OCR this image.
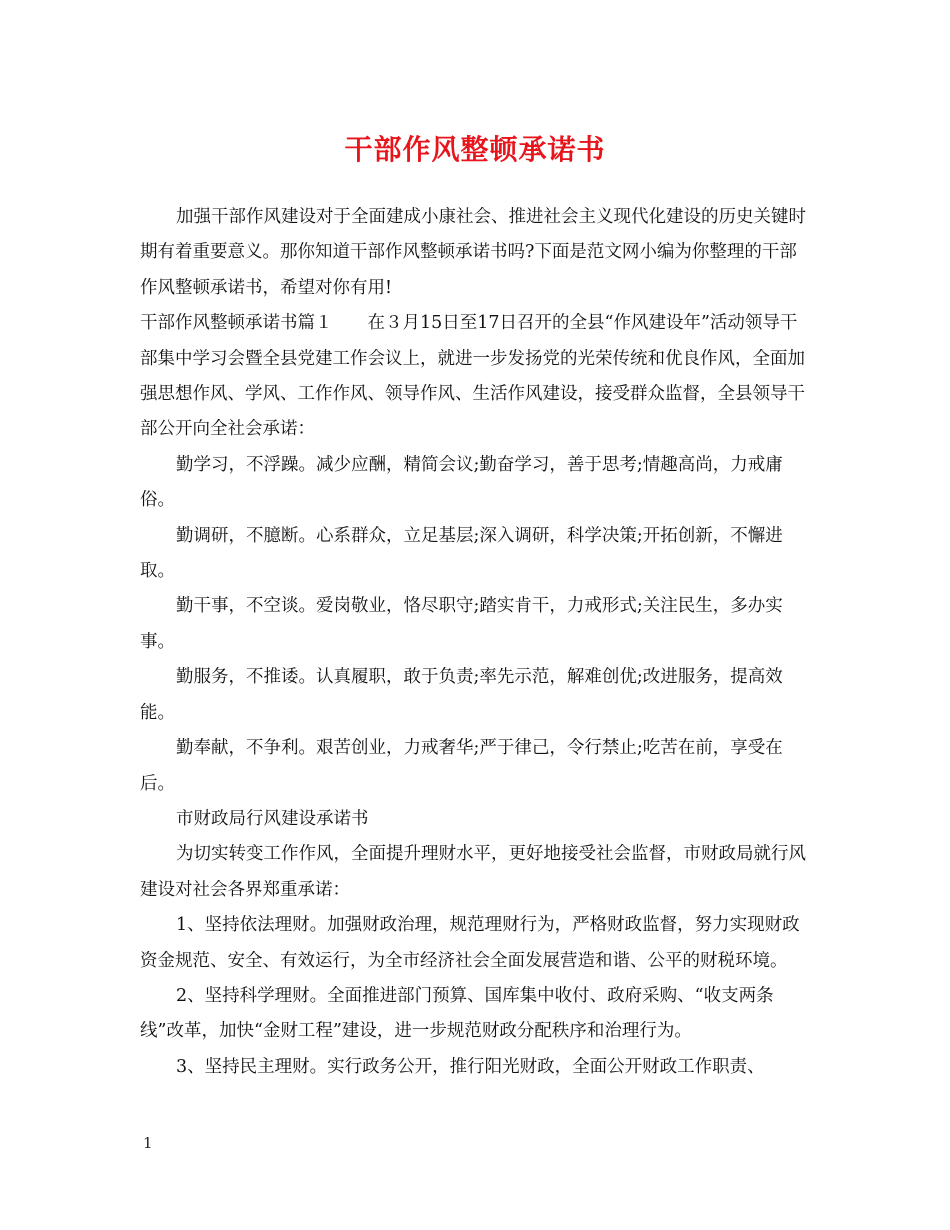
干部作风整顿承诺书

加强干部作风建设对于全面建成小康社会、推进社会主义现代化建设的历史关键时期有着重要意义。那你知道干部作风整顿承诺书吗?下面是范文网小编为你整理的干部作风整顿承诺书，希望对你有用!

干部作风整顿承诺书篇１　　在３月15日至17日召开的全县“作风建设年”活动领导干部集中学习会暨全县党建工作会议上，就进一步发扬党的光荣传统和优良作风，全面加强思想作风、学风、工作作风、领导作风、生活作风建设，接受群众监督，全县领导干部公开向全社会承诺：

勤学习，不浮躁。减少应酬，精简会议;勤奋学习，善于思考;情趣高尚，力戒庸俗。

勤调研，不臆断。心系群众，立足基层;深入调研，科学决策;开拓创新，不懈进取。

勤干事，不空谈。爱岗敬业，恪尽职守;踏实肯干，力戒形式;关注民生，多办实事。

勤服务，不推诿。认真履职，敢于负责;率先示范，解难创优;改进服务，提高效能。

勤奉献，不争利。艰苦创业，力戒奢华;严于律己，令行禁止;吃苦在前，享受在后。

市财政局行风建设承诺书

为切实转变工作作风，全面提升理财水平，更好地接受社会监督，市财政局就行风建设对社会各界郑重承诺：

1、坚持依法理财。加强财政治理，规范理财行为，严格财政监督，努力实现财政资金规范、安全、有效运行，为全市经济社会全面发展营造和谐、公平的财税环境。

2、坚持科学理财。全面推进部门预算、国库集中收付、政府采购、“收支两条线”改革，加快“金财工程”建设，进一步规范财政分配秩序和治理行为。

3、坚持民主理财。实行政务公开，推行阳光财政，全面公开财政工作职责、

1
